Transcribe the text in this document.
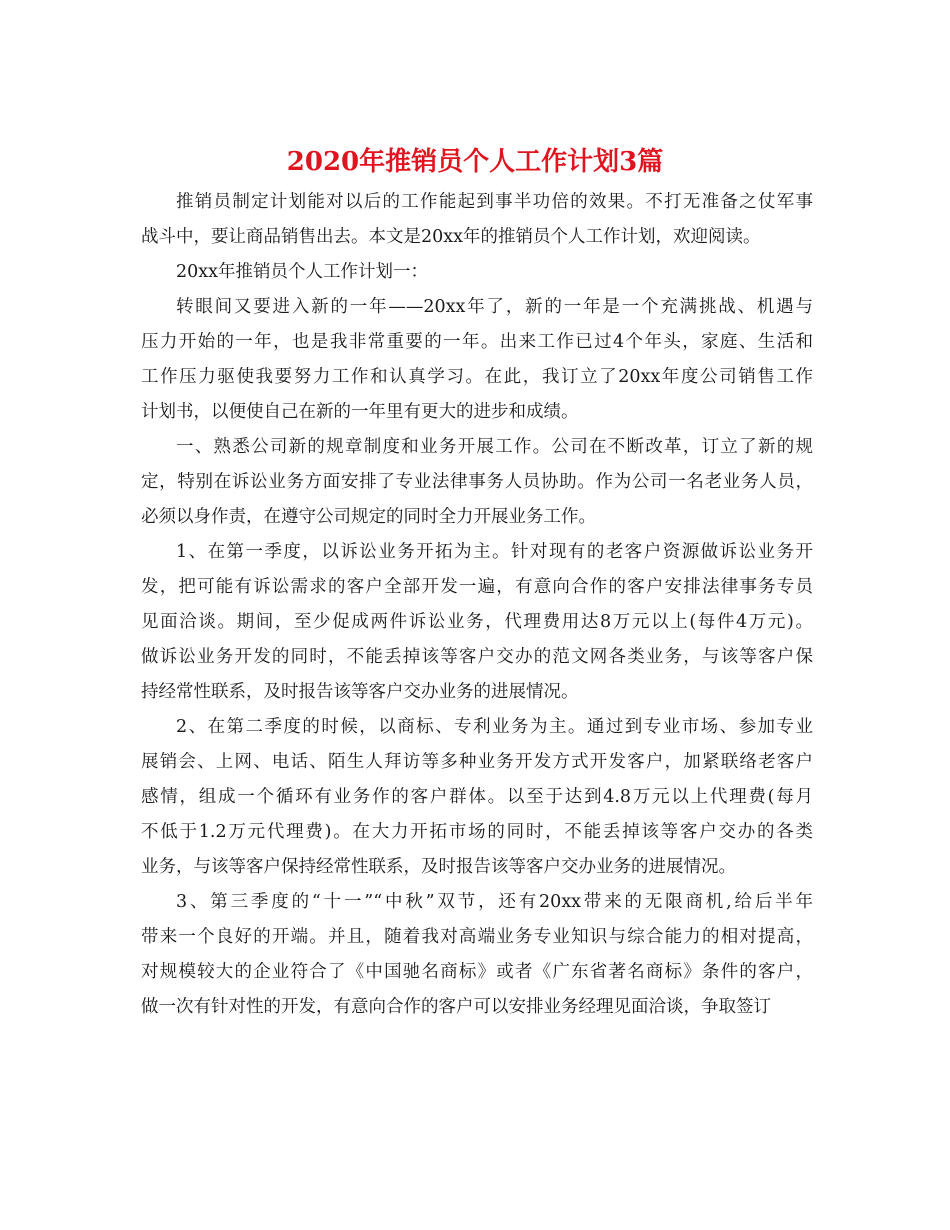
2020年推销员个人工作计划3篇
推销员制定计划能对以后的工作能起到事半功倍的效果。不打无准备之仗军事
战斗中，要让商品销售出去。本文是20xx年的推销员个人工作计划，欢迎阅读。
20xx年推销员个人工作计划一：
转眼间又要进入新的一年——20xx年了，新的一年是一个充满挑战、机遇与
压力开始的一年，也是我非常重要的一年。出来工作已过4个年头，家庭、生活和
工作压力驱使我要努力工作和认真学习。在此，我订立了20xx年度公司销售工作
计划书，以便使自己在新的一年里有更大的进步和成绩。
一、熟悉公司新的规章制度和业务开展工作。公司在不断改革，订立了新的规
定，特别在诉讼业务方面安排了专业法律事务人员协助。作为公司一名老业务人员，
必须以身作责，在遵守公司规定的同时全力开展业务工作。
1、在第一季度，以诉讼业务开拓为主。针对现有的老客户资源做诉讼业务开
发，把可能有诉讼需求的客户全部开发一遍，有意向合作的客户安排法律事务专员
见面洽谈。期间，至少促成两件诉讼业务，代理费用达8万元以上(每件4万元)。
做诉讼业务开发的同时，不能丢掉该等客户交办的范文网各类业务，与该等客户保
持经常性联系，及时报告该等客户交办业务的进展情况。
2、在第二季度的时候，以商标、专利业务为主。通过到专业市场、参加专业
展销会、上网、电话、陌生人拜访等多种业务开发方式开发客户，加紧联络老客户
感情，组成一个循环有业务作的客户群体。以至于达到4.8万元以上代理费(每月
不低于1.2万元代理费)。在大力开拓市场的同时，不能丢掉该等客户交办的各类
业务，与该等客户保持经常性联系，及时报告该等客户交办业务的进展情况。
3、第三季度的“十一”“中秋”双节，还有20xx带来的无限商机,给后半年
带来一个良好的开端。并且，随着我对高端业务专业知识与综合能力的相对提高，
对规模较大的企业符合了《中国驰名商标》或者《广东省著名商标》条件的客户，
做一次有针对性的开发，有意向合作的客户可以安排业务经理见面洽谈，争取签订
